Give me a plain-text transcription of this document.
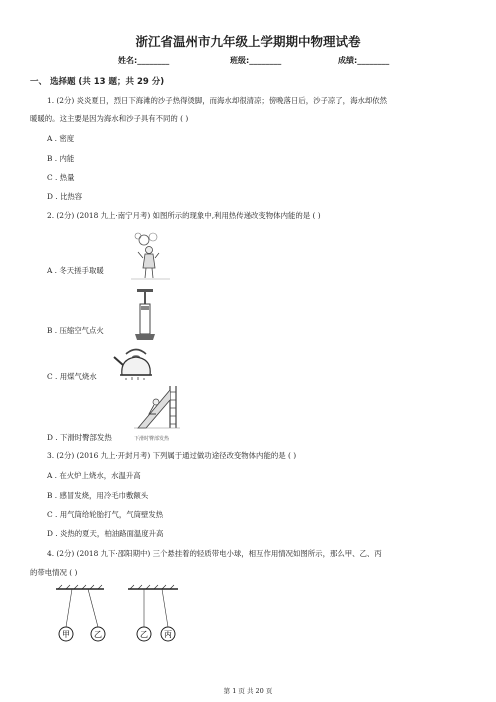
浙江省温州市九年级上学期期中物理试卷
姓名:________	班级:________	成绩:________
一、 选择题 (共 13 题；共 29 分)
1. (2分) 炎炎夏日，烈日下海滩的沙子热得烫脚，而海水却很清凉；傍晚落日后，沙子凉了，海水却依然
暖暖的。这主要是因为海水和沙子具有不同的 ( )
A . 密度
B . 内能
C . 热量
D . 比热容
2. (2分) (2018 九上·南宁月考) 如图所示的现象中,利用热传递改变物体内能的是 ( )
A . 冬天搓手取暖
B . 压缩空气点火
C . 用煤气烧水
D . 下滑时臀部发热	下滑时臀部发热
3. (2分) (2016 九上·开封月考) 下列属于通过做功途径改变物体内能的是 ( )
A . 在火炉上烧水，水温升高
B . 感冒发烧，用冷毛巾敷额头
C . 用气筒给轮胎打气，气筒壁发热
D . 炎热的夏天，柏油路面温度升高
4. (2分) (2018 九下·邵阳期中) 三个悬挂着的轻质带电小球，相互作用情况如图所示，那么甲、乙、丙
的带电情况 ( )
甲	乙	乙 丙
第 1 页 共 20 页
